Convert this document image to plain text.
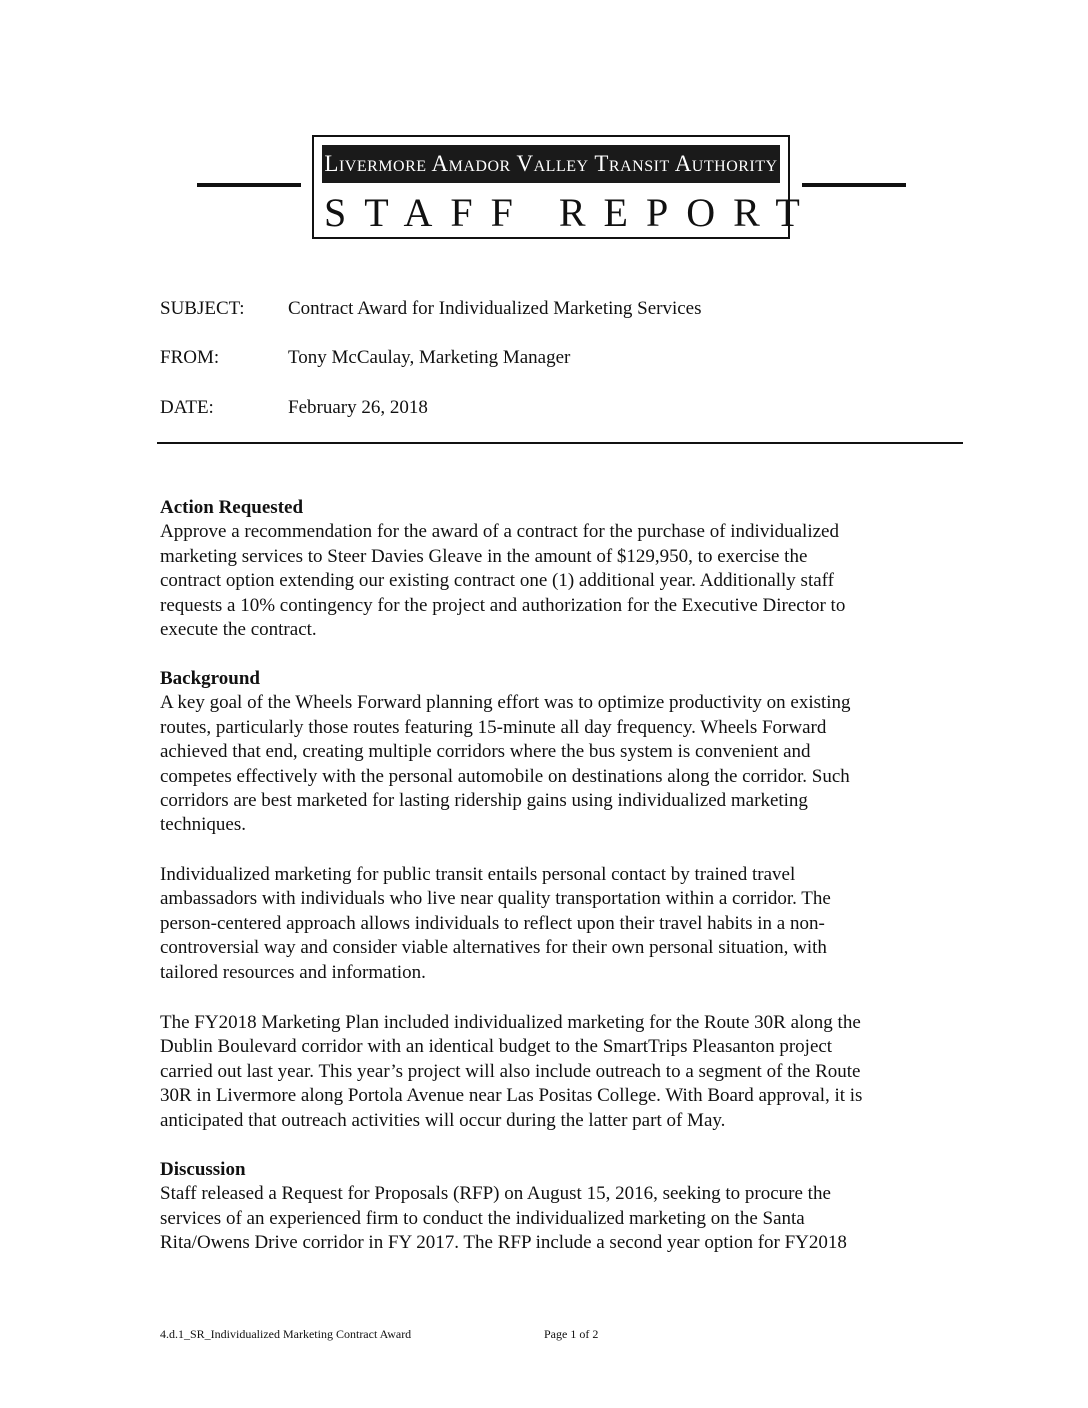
Livermore Amador Valley Transit Authority
STAFF REPORT
SUBJECT: Contract Award for Individualized Marketing Services
FROM:	Tony McCaulay, Marketing Manager
DATE:	February 26, 2018
Action Requested
Approve a recommendation for the award of a contract for the purchase of individualized
marketing services to Steer Davies Gleave in the amount of $129,950, to exercise the
contract option extending our existing contract one (1) additional year. Additionally staff
requests a 10% contingency for the project and authorization for the Executive Director to
execute the contract.
Background
A key goal of the Wheels Forward planning effort was to optimize productivity on existing
routes, particularly those routes featuring 15-minute all day frequency. Wheels Forward
achieved that end, creating multiple corridors where the bus system is convenient and
competes effectively with the personal automobile on destinations along the corridor. Such
corridors are best marketed for lasting ridership gains using individualized marketing
techniques.
Individualized marketing for public transit entails personal contact by trained travel
ambassadors with individuals who live near quality transportation within a corridor. The
person-centered approach allows individuals to reflect upon their travel habits in a non-
controversial way and consider viable alternatives for their own personal situation, with
tailored resources and information.
The FY2018 Marketing Plan included individualized marketing for the Route 30R along the
Dublin Boulevard corridor with an identical budget to the SmartTrips Pleasanton project
carried out last year. This year’s project will also include outreach to a segment of the Route
30R in Livermore along Portola Avenue near Las Positas College. With Board approval, it is
anticipated that outreach activities will occur during the latter part of May.
Discussion
Staff released a Request for Proposals (RFP) on August 15, 2016, seeking to procure the
services of an experienced firm to conduct the individualized marketing on the Santa
Rita/Owens Drive corridor in FY 2017. The RFP include a second year option for FY2018
4.d.1_SR_Individualized Marketing Contract Award	Page 1 of 2
